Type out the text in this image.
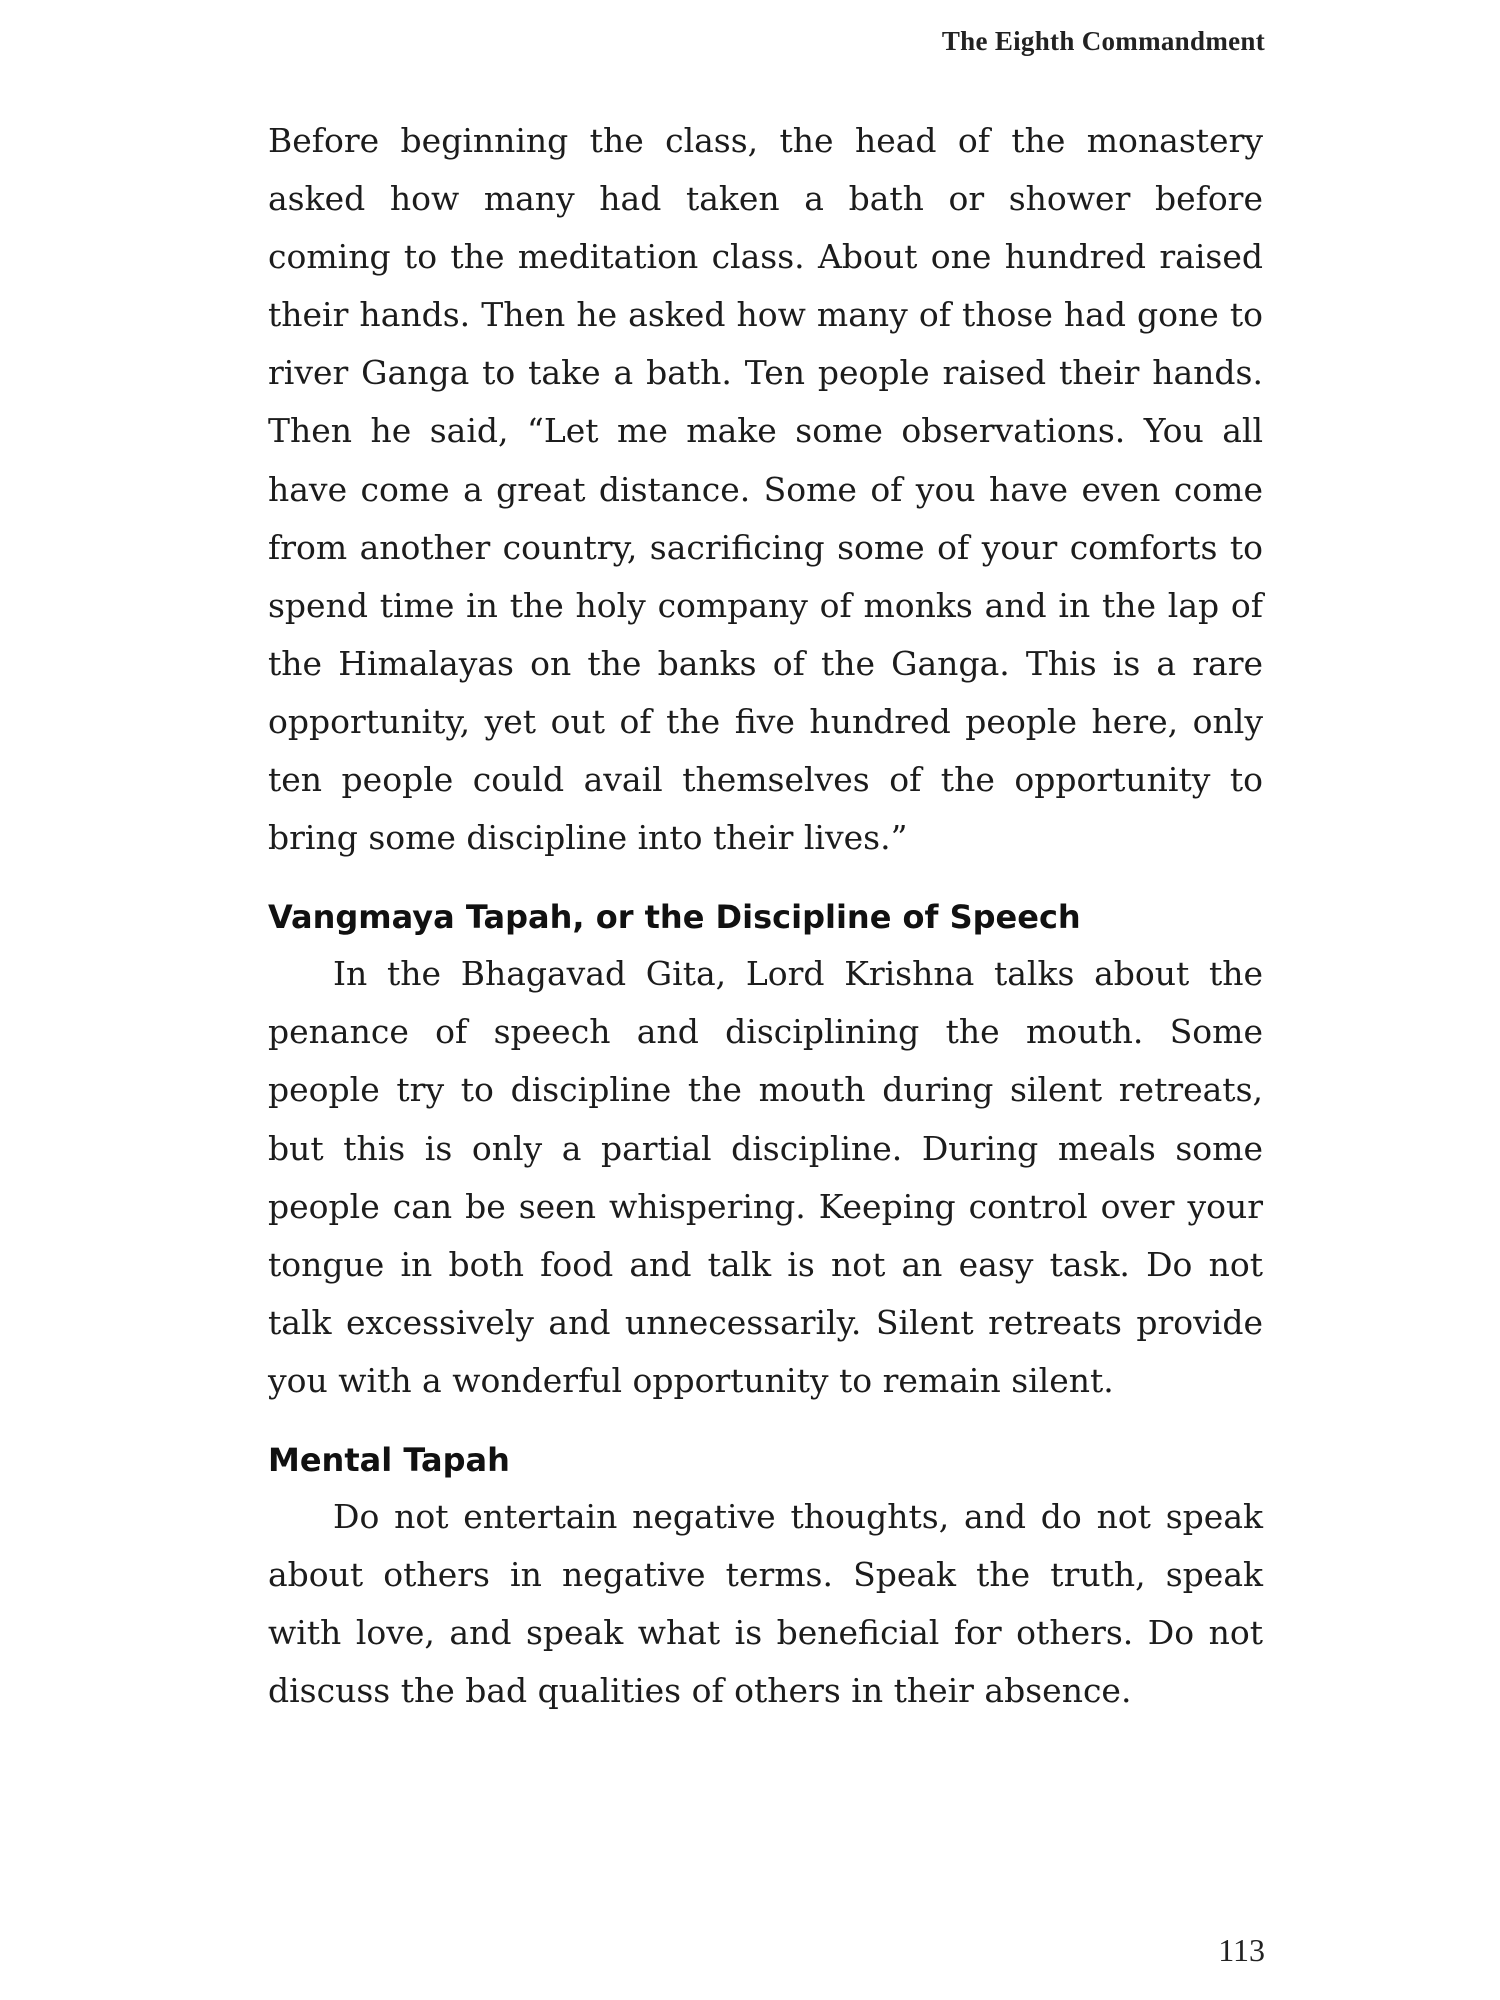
The Eighth Commandment

Before beginning the class, the head of the monastery asked how many had taken a bath or shower before coming to the meditation class. About one hundred raised their hands. Then he asked how many of those had gone to river Ganga to take a bath. Ten people raised their hands. Then he said, “Let me make some observations. You all have come a great distance. Some of you have even come from another country, sacrificing some of your comforts to spend time in the holy company of monks and in the lap of the Himalayas on the banks of the Ganga. This is a rare opportunity, yet out of the five hundred people here, only ten people could avail themselves of the opportunity to bring some discipline into their lives.”

Vangmaya Tapah, or the Discipline of Speech

In the Bhagavad Gita, Lord Krishna talks about the penance of speech and disciplining the mouth. Some people try to discipline the mouth during silent retreats, but this is only a partial discipline. During meals some people can be seen whispering. Keeping control over your tongue in both food and talk is not an easy task. Do not talk excessively and unnecessarily. Silent retreats provide you with a wonderful opportunity to remain silent.

Mental Tapah

Do not entertain negative thoughts, and do not speak about others in negative terms. Speak the truth, speak with love, and speak what is beneficial for others. Do not discuss the bad qualities of others in their absence.

113
